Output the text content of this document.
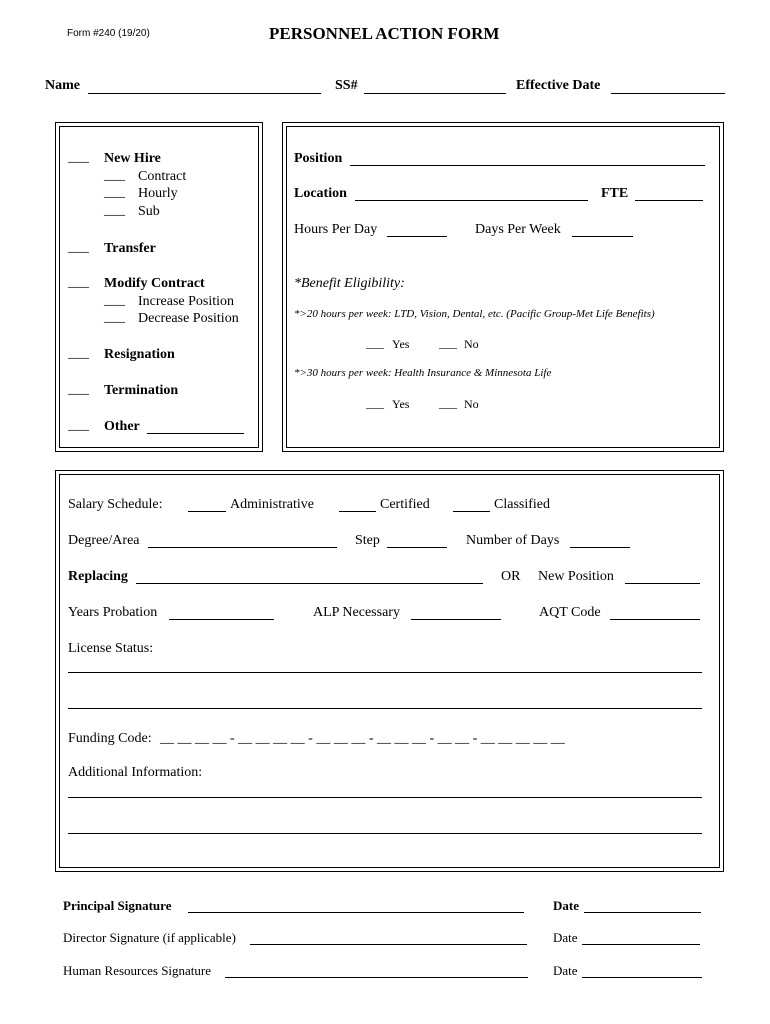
Form #240 (19/20)	PERSONNEL ACTION FORM
Name	SS#	Effective Date
___ New Hire
___ Contract
___ Hourly
___ Sub
___ Transfer
___ Modify Contract
___ Increase Position
___ Decrease Position
___ Resignation
___ Termination
___ Other
Position
Location	FTE
Hours Per Day	Days Per Week
*Benefit Eligibility:
*>20 hours per week: LTD, Vision, Dental, etc. (Pacific Group-Met Life Benefits)
___ Yes ___ No
*>30 hours per week: Health Insurance & Minnesota Life
___ Yes ___ No
Salary Schedule:	Administrative	Certified	Classified
Degree/Area	Step	Number of Days
Replacing	OR New Position
Years Probation	ALP Necessary	AQT Code
License Status:
Funding Code: __ __ __ __ - __ __ __ __ - __ __ __ - __ __ __ - __ __ - __ __ __ __ __
Additional Information:
Principal Signature	Date
Director Signature (if applicable)	Date
Human Resources Signature	Date
